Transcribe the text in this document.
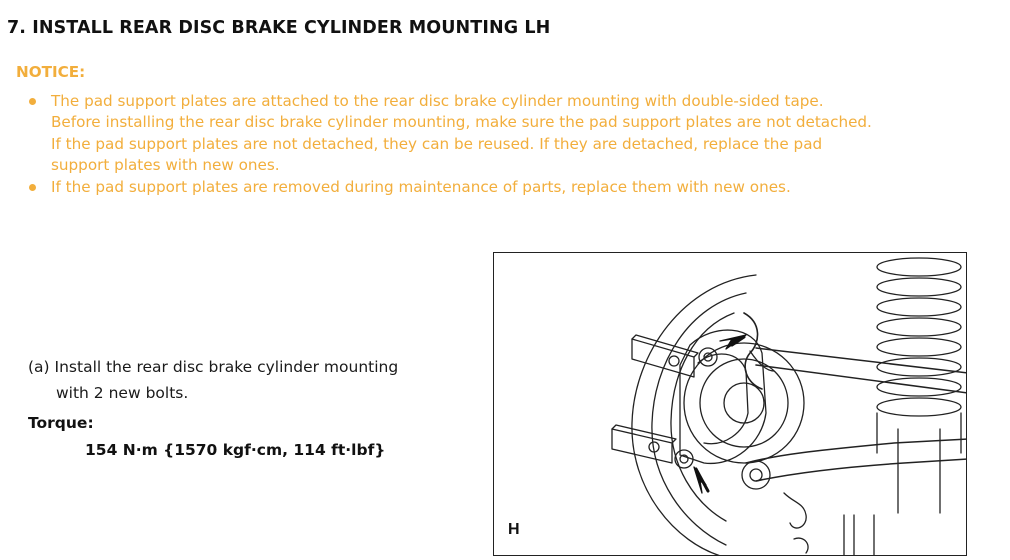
7. INSTALL REAR DISC BRAKE CYLINDER MOUNTING LH

NOTICE:

The pad support plates are attached to the rear disc brake cylinder mounting with double-sided tape.
Before installing the rear disc brake cylinder mounting, make sure the pad support plates are not detached.
If the pad support plates are not detached, they can be reused. If they are detached, replace the pad
support plates with new ones.
If the pad support plates are removed during maintenance of parts, replace them with new ones.
(a) Install the rear disc brake cylinder mounting
with 2 new bolts.

Torque:

154 N·m {1570 kgf·cm, 114 ft·lbf}

H
